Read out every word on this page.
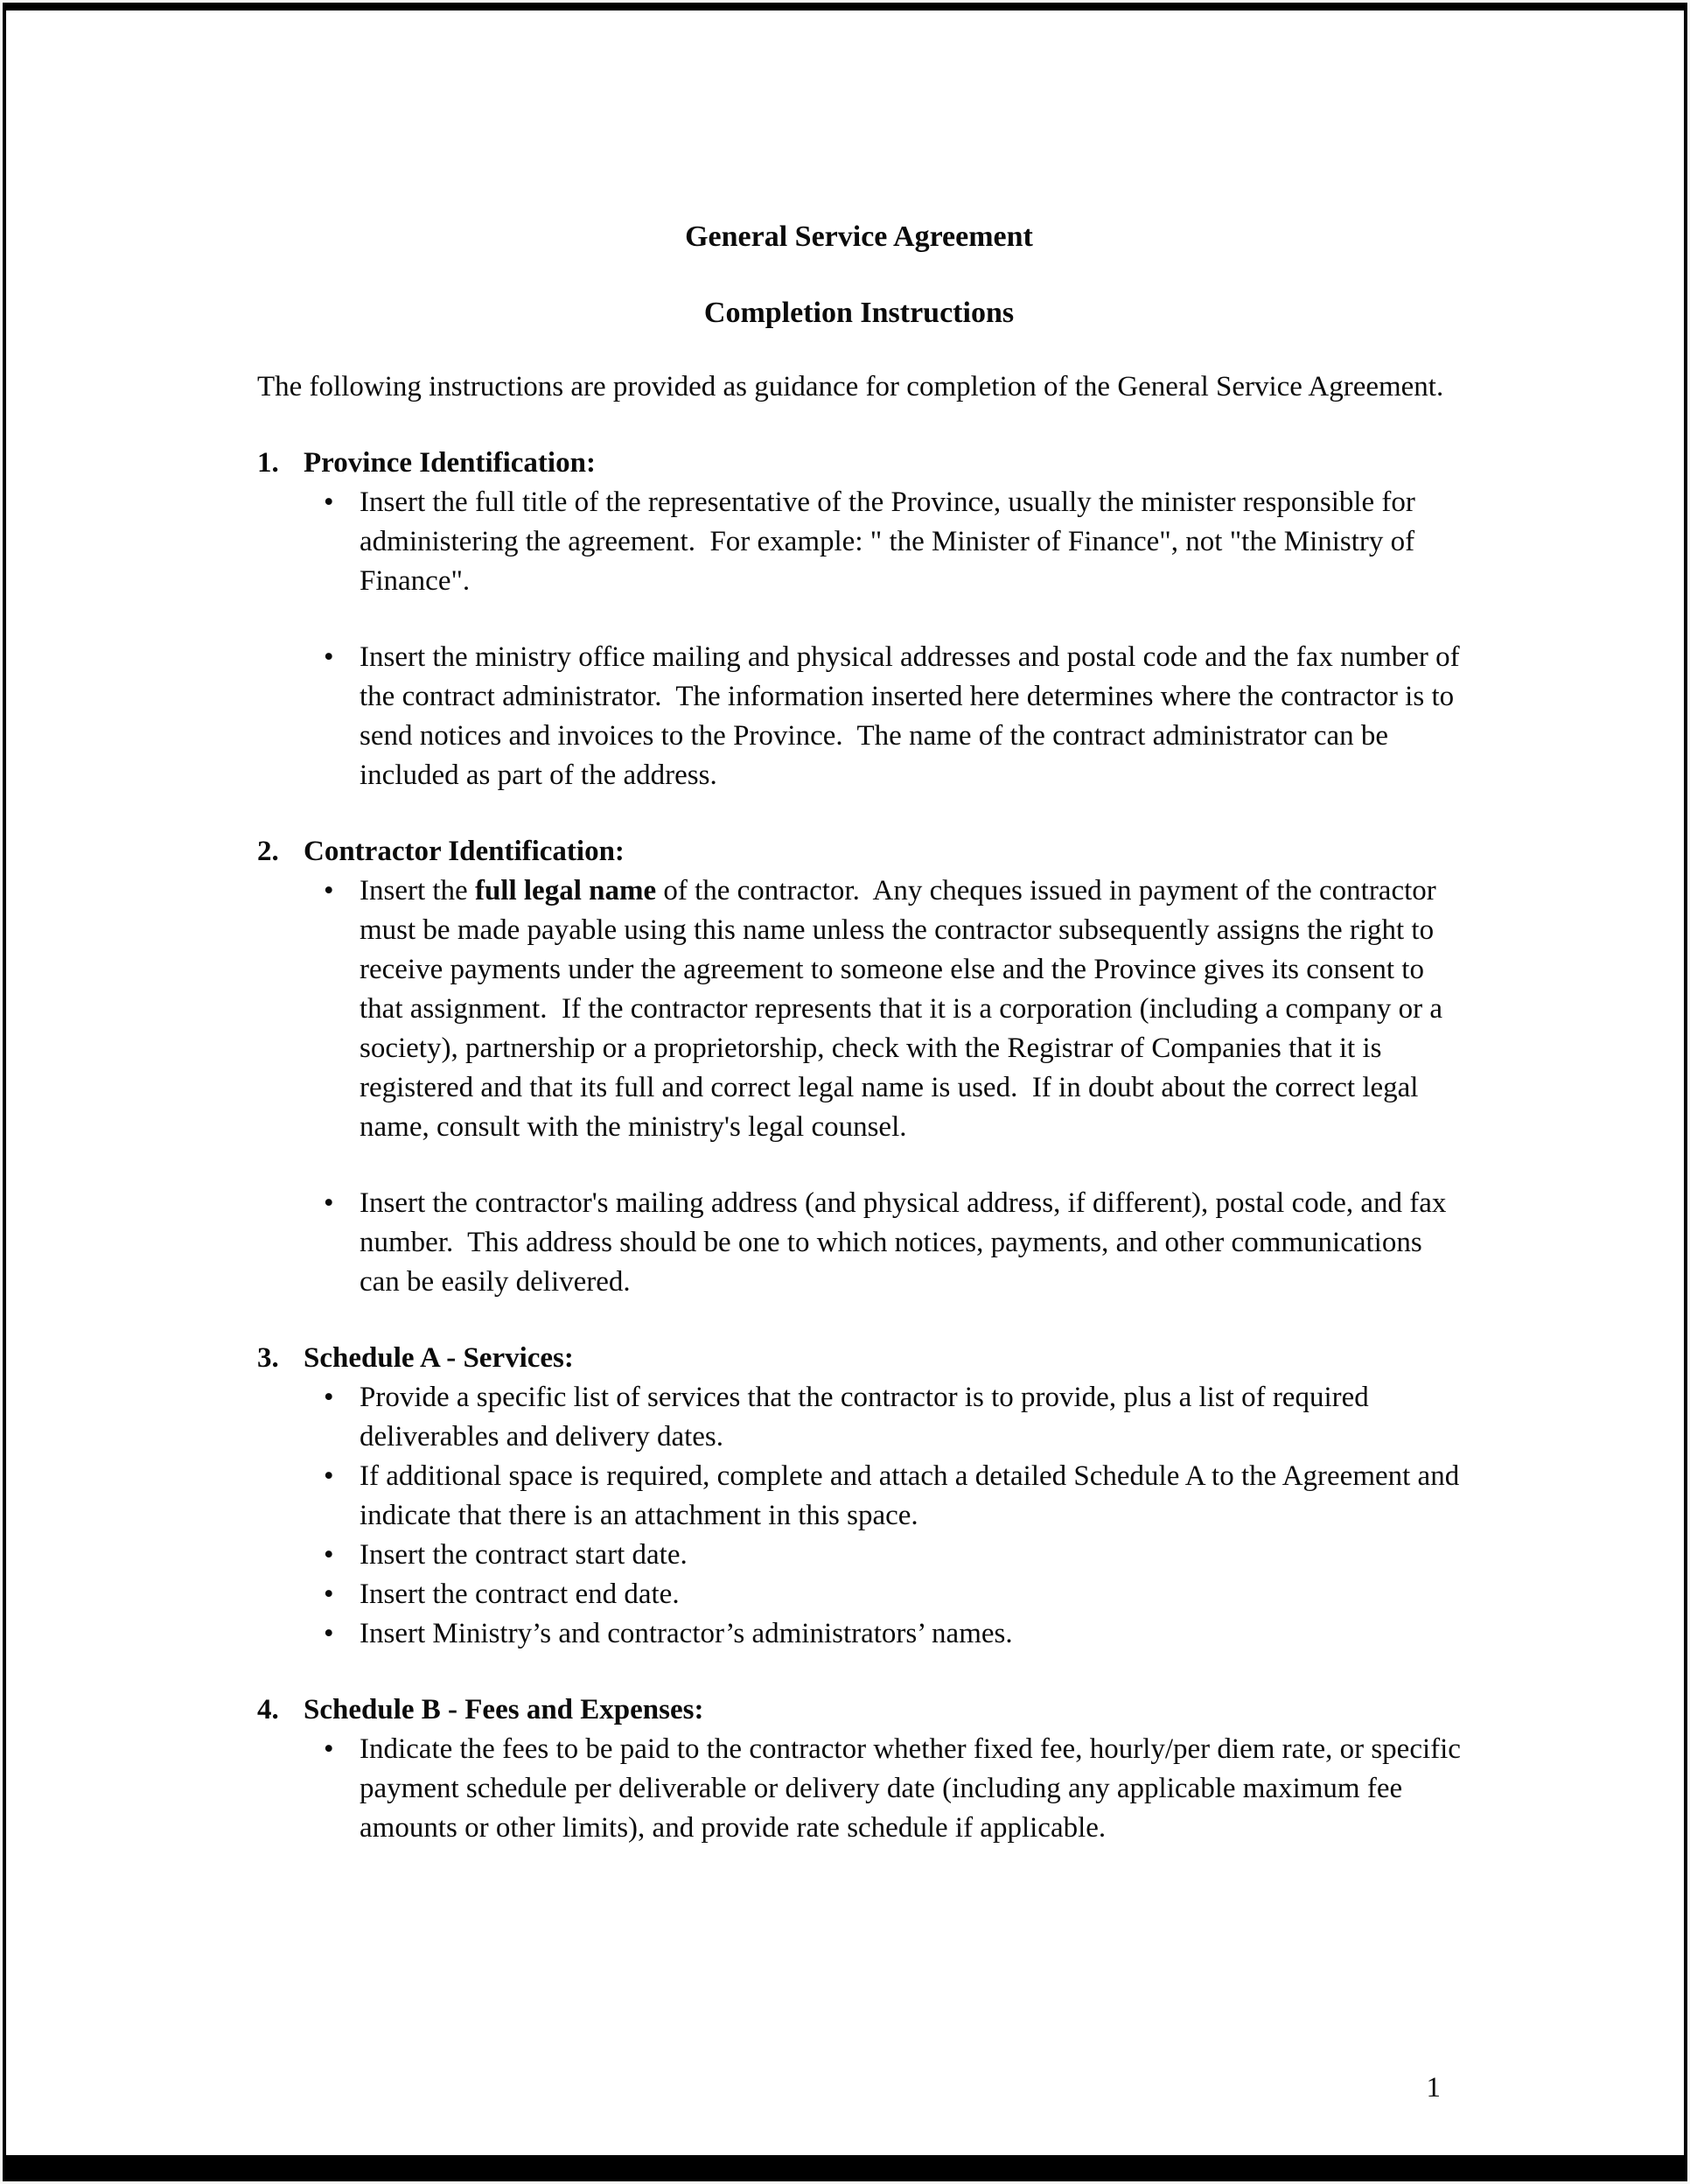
General Service Agreement
Completion Instructions

The following instructions are provided as guidance for completion of the General Service Agreement.

1. Province Identification:
• Insert the full title of the representative of the Province, usually the minister responsible for administering the agreement.  For example: " the Minister of Finance", not "the Ministry of Finance".
• Insert the ministry office mailing and physical addresses and postal code and the fax number of the contract administrator.  The information inserted here determines where the contractor is to send notices and invoices to the Province.  The name of the contract administrator can be included as part of the address.
2. Contractor Identification:
• Insert the full legal name of the contractor.  Any cheques issued in payment of the contractor must be made payable using this name unless the contractor subsequently assigns the right to receive payments under the agreement to someone else and the Province gives its consent to that assignment.  If the contractor represents that it is a corporation (including a company or a society), partnership or a proprietorship, check with the Registrar of Companies that it is registered and that its full and correct legal name is used.  If in doubt about the correct legal name, consult with the ministry's legal counsel.
• Insert the contractor's mailing address (and physical address, if different), postal code, and fax number.  This address should be one to which notices, payments, and other communications can be easily delivered.
3. Schedule A - Services:
• Provide a specific list of services that the contractor is to provide, plus a list of required deliverables and delivery dates.
• If additional space is required, complete and attach a detailed Schedule A to the Agreement and indicate that there is an attachment in this space.
• Insert the contract start date.
• Insert the contract end date.
• Insert Ministry’s and contractor’s administrators’ names.
4. Schedule B - Fees and Expenses:
• Indicate the fees to be paid to the contractor whether fixed fee, hourly/per diem rate, or specific payment schedule per deliverable or delivery date (including any applicable maximum fee amounts or other limits), and provide rate schedule if applicable.
1
